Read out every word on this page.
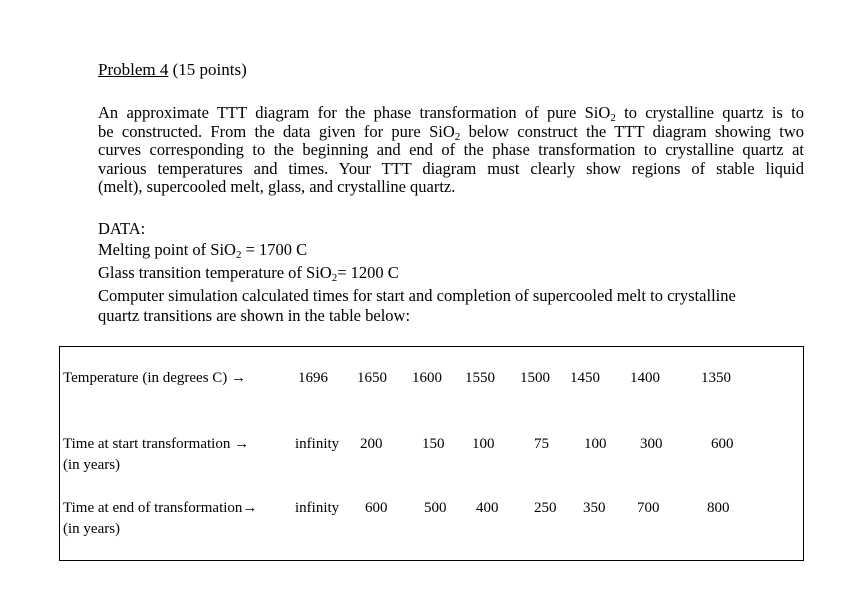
Problem 4 (15 points)
An approximate TTT diagram for the phase transformation of pure SiO$_2$ to crystalline quartz is to
be constructed. From the data given for pure SiO$_2$ below construct the TTT diagram showing two
curves corresponding to the beginning and end of the phase transformation to crystalline quartz at
various temperatures and times. Your TTT diagram must clearly show regions of stable liquid
(melt), supercooled melt, glass, and crystalline quartz.
DATA:
Melting point of SiO$_2$ = 1700 C
Glass transition temperature of SiO$_2$= 1200 C
Computer simulation calculated times for start and completion of supercooled melt to crystalline
quartz transitions are shown in the table below:
Temperature (in degrees C) →	1696 1650 1600 1550 1500 1450 1400	1350
Time at start transformation →
(in years)
infinity 200	150 100	75 100 300	600
Time at end of transformation→
(in years)
infinity 600 500 400 250 350 700	800
